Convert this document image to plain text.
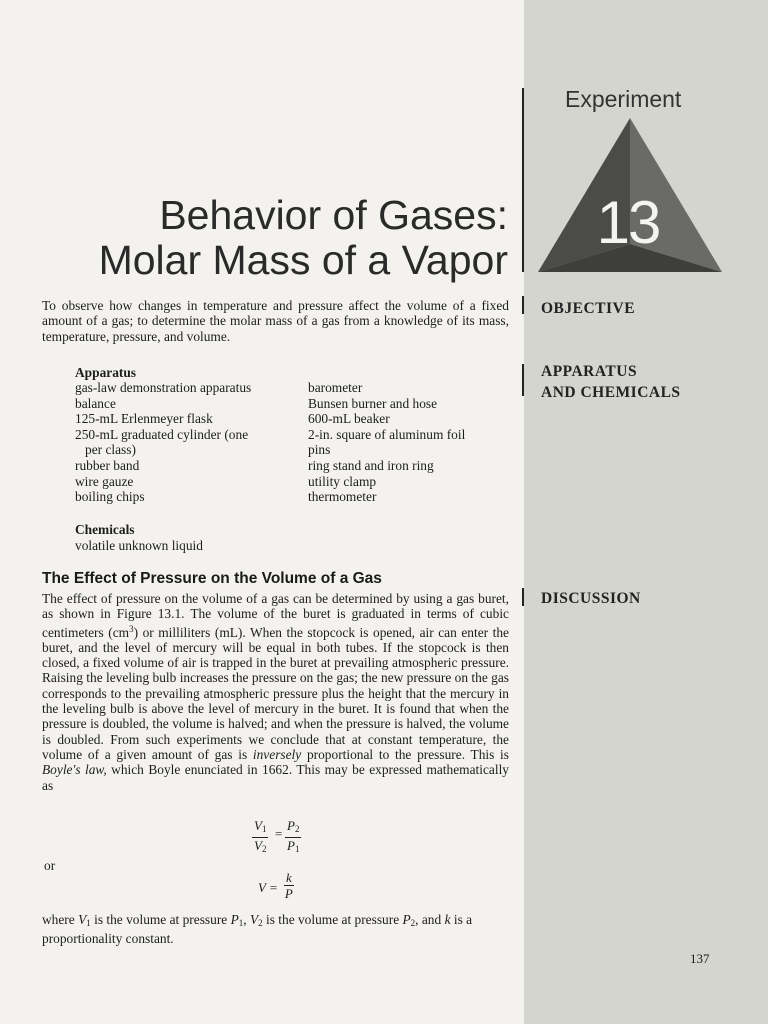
Experiment
13
Behavior of Gases:
Molar Mass of a Vapor
OBJECTIVE
To observe how changes in temperature and pressure affect the volume of a fixed amount of a gas; to determine the molar mass of a gas from a knowledge of its mass, temperature, pressure, and volume.
APPARATUS
AND CHEMICALS
Apparatus
gas-law demonstration apparatus
balance
125-mL Erlenmeyer flask
250-mL graduated cylinder (one
per class)
rubber band
wire gauze
boiling chips
barometer
Bunsen burner and hose
600-mL beaker
2-in. square of aluminum foil
pins
ring stand and iron ring
utility clamp
thermometer
Chemicals
volatile unknown liquid
The Effect of Pressure on the Volume of a Gas
DISCUSSION
The effect of pressure on the volume of a gas can be determined by using a gas buret, as shown in Figure 13.1. The volume of the buret is graduated in terms of cubic centimeters $(cm^3)$ or milliliters (mL). When the stopcock is opened, air can enter the buret, and the level of mercury will be equal in both tubes. If the stopcock is then closed, a fixed volume of air is trapped in the buret at prevailing atmospheric pressure. Raising the leveling bulb increases the pressure on the gas; the new pressure on the gas corresponds to the prevailing atmospheric pressure plus the height that the mercury in the leveling bulb is above the level of mercury in the buret. It is found that when the pressure is doubled, the volume is halved; and when the pressure is halved, the volume is doubled. From such experiments we conclude that at constant temperature, the volume of a given amount of gas is inversely proportional to the pressure. This is Boyle's law, which Boyle enunciated in 1662. This may be expressed mathematically as
$\frac{V_1}{V_2} = \frac{P_2}{P_1}$
or
$V = \frac{k}{P}$
where $V_1$ is the volume at pressure $P_1$, $V_2$ is the volume at pressure $P_2$, and k is a proportionality constant.
137
